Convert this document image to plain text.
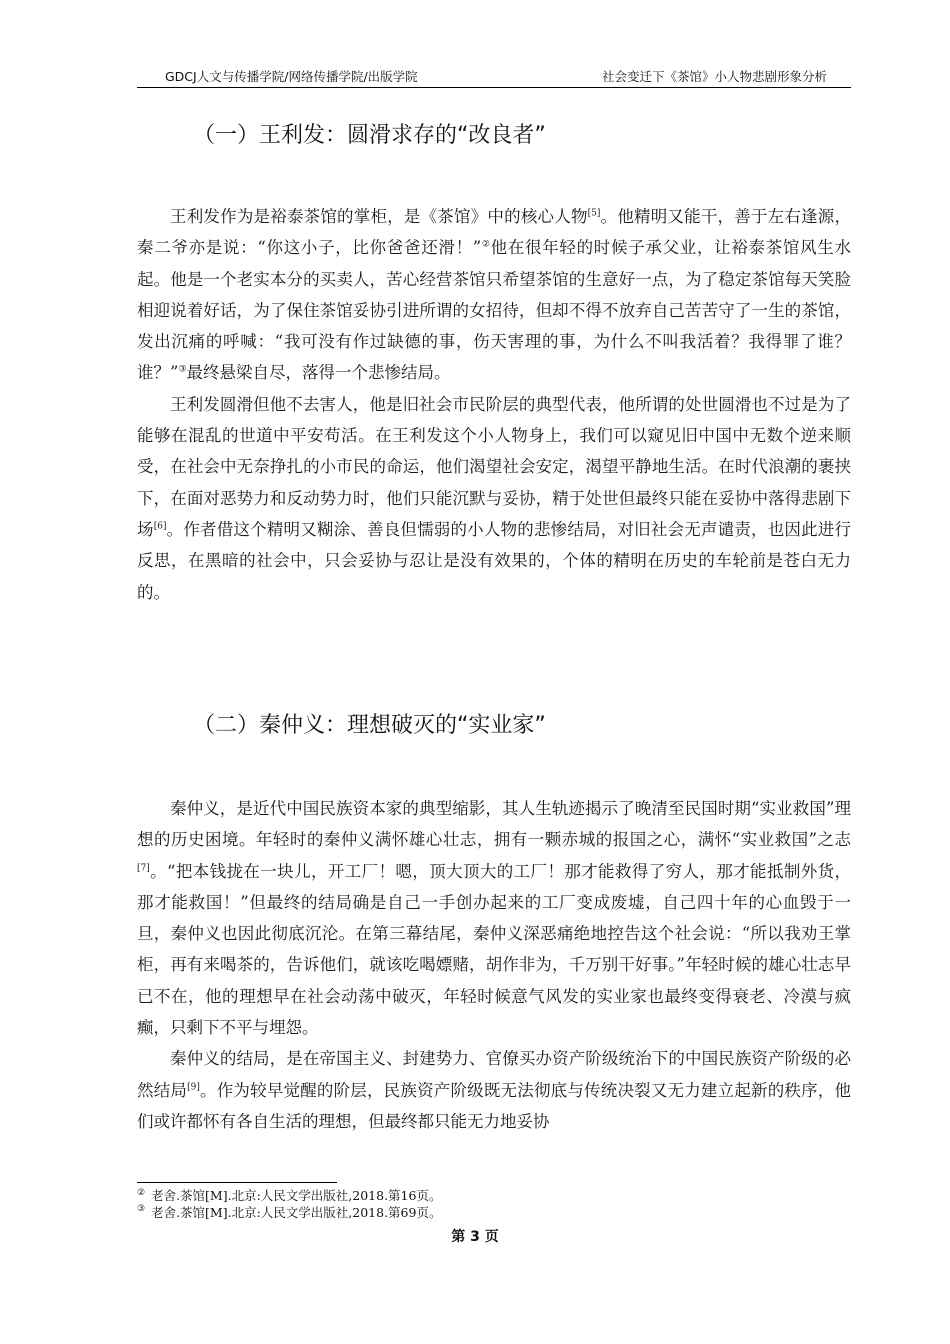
GDCJ人文与传播学院/网络传播学院/出版学院	社会变迁下《茶馆》小人物悲剧形象分析
（一）王利发：圆滑求存的“改良者”

王利发作为是裕泰茶馆的掌柜，是《茶馆》中的核心人物[5]。他精明又能干，善于左右逢源，秦二爷亦是说：“你这小子，比你爸爸还滑！”②他在很年轻的时候子承父业，让裕泰茶馆风生水起。他是一个老实本分的买卖人，苦心经营茶馆只希望茶馆的生意好一点，为了稳定茶馆每天笑脸相迎说着好话，为了保住茶馆妥协引进所谓的女招待，但却不得不放弃自己苦苦守了一生的茶馆，发出沉痛的呼喊：“我可没有作过缺德的事，伤天害理的事，为什么不叫我活着？我得罪了谁？谁？”③最终悬梁自尽，落得一个悲惨结局。

王利发圆滑但他不去害人，他是旧社会市民阶层的典型代表，他所谓的处世圆滑也不过是为了能够在混乱的世道中平安苟活。在王利发这个小人物身上，我们可以窥见旧中国中无数个逆来顺受，在社会中无奈挣扎的小市民的命运，他们渴望社会安定，渴望平静地生活。在时代浪潮的裹挟下，在面对恶势力和反动势力时，他们只能沉默与妥协，精于处世但最终只能在妥协中落得悲剧下场[6]。作者借这个精明又糊涂、善良但懦弱的小人物的悲惨结局，对旧社会无声谴责，也因此进行反思，在黑暗的社会中，只会妥协与忍让是没有效果的，个体的精明在历史的车轮前是苍白无力的。

（二）秦仲义：理想破灭的“实业家”

秦仲义，是近代中国民族资本家的典型缩影，其人生轨迹揭示了晚清至民国时期“实业救国”理想的历史困境。年轻时的秦仲义满怀雄心壮志，拥有一颗赤城的报国之心，满怀“实业救国”之志[7]。“把本钱拢在一块儿，开工厂！嗯，顶大顶大的工厂！那才能救得了穷人，那才能抵制外货，那才能救国！”但最终的结局确是自己一手创办起来的工厂变成废墟，自己四十年的心血毁于一旦，秦仲义也因此彻底沉沦。在第三幕结尾，秦仲义深恶痛绝地控告这个社会说：“所以我劝王掌柜，再有来喝茶的，告诉他们，就该吃喝嫖赌，胡作非为，千万别干好事。”年轻时候的雄心壮志早已不在，他的理想早在社会动荡中破灭，年轻时候意气风发的实业家也最终变得衰老、冷漠与疯癫，只剩下不平与埋怨。

秦仲义的结局，是在帝国主义、封建势力、官僚买办资产阶级统治下的中国民族资产阶级的必然结局[9]。作为较早觉醒的阶层，民族资产阶级既无法彻底与传统决裂又无力建立起新的秩序，他们或许都怀有各自生活的理想，但最终都只能无力地妥协

② 老舍.茶馆[M].北京:人民文学出版社,2018.第16页。
③ 老舍.茶馆[M].北京:人民文学出版社,2018.第69页。
第 3 页
